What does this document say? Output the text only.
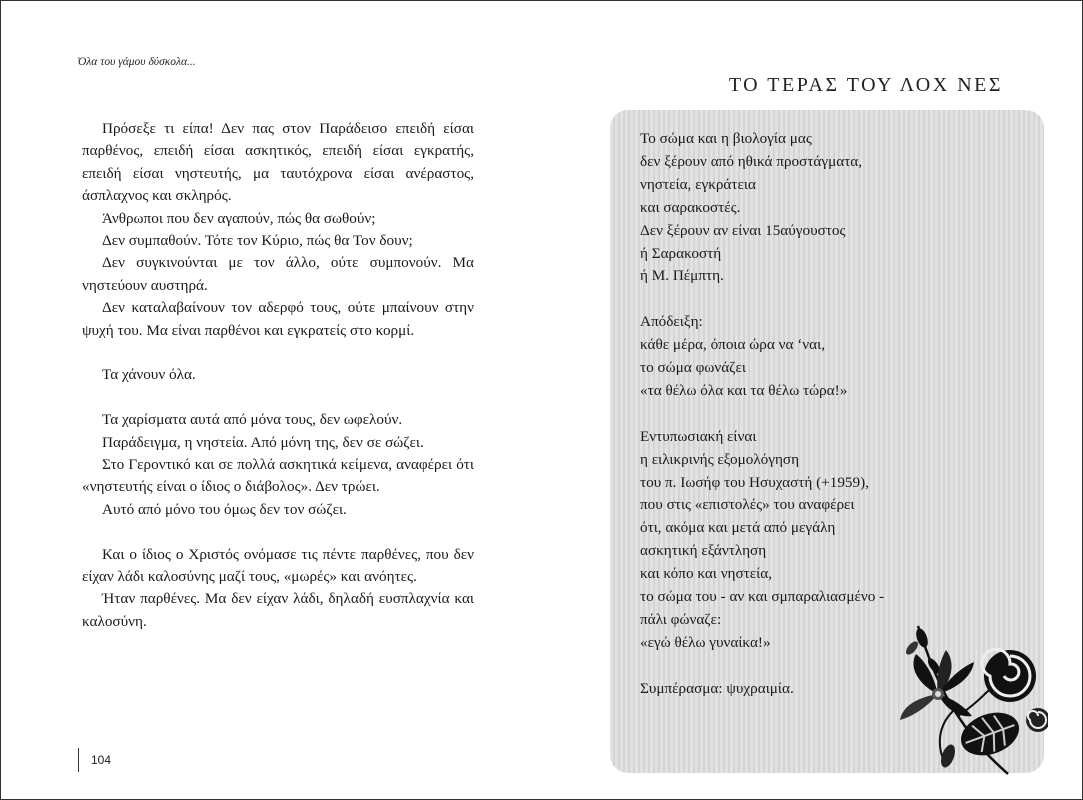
Όλα του γάμου δύσκολα...
ΤΟ ΤΕΡΑΣ ΤΟΥ ΛΟΧ ΝΕΣ

Πρόσεξε τι είπα! Δεν πας στον Παράδεισο επειδή είσαι παρθένος, επειδή είσαι ασκητικός, επειδή είσαι εγκρατής, επειδή είσαι νηστευτής, μα ταυτόχρονα είσαι ανέραστος, άσπλαχνος και σκληρός.

Άνθρωποι που δεν αγαπούν, πώς θα σωθούν;

Δεν συμπαθούν. Τότε τον Κύριο, πώς θα Τον δουν;

Δεν συγκινούνται με τον άλλο, ούτε συμπονούν. Μα νηστεύουν αυστηρά.

Δεν καταλαβαίνουν τον αδερφό τους, ούτε μπαίνουν στην ψυχή του. Μα είναι παρθένοι και εγκρατείς στο κορμί.

Τα χάνουν όλα.

Τα χαρίσματα αυτά από μόνα τους, δεν ωφελούν.

Παράδειγμα, η νηστεία. Από μόνη της, δεν σε σώζει.

Στο Γεροντικό και σε πολλά ασκητικά κείμενα, αναφέρει ότι «νηστευτής είναι ο ίδιος ο διάβολος». Δεν τρώει.

Αυτό από μόνο του όμως δεν τον σώζει.

Και ο ίδιος ο Χριστός ονόμασε τις πέντε παρθένες, που δεν είχαν λάδι καλοσύνης μαζί τους, «μωρές» και ανόητες.

Ήταν παρθένες. Μα δεν είχαν λάδι, δηλαδή ευσπλαχνία και καλοσύνη.

104
Το σώμα και η βιολογία μας
δεν ξέρουν από ηθικά προστάγματα,
νηστεία, εγκράτεια
και σαρακοστές.
Δεν ξέρουν αν είναι 15αύγουστος
ή Σαρακοστή
ή Μ. Πέμπτη.
Απόδειξη:
κάθε μέρα, όποια ώρα να ‘ναι,
το σώμα φωνάζει
«τα θέλω όλα και τα θέλω τώρα!»
Εντυπωσιακή είναι
η ειλικρινής εξομολόγηση
του π. Ιωσήφ του Ησυχαστή (+1959),
που στις «επιστολές» του αναφέρει
ότι, ακόμα και μετά από μεγάλη
ασκητική εξάντληση
και κόπο και νηστεία,
το σώμα του - αν και σμπαραλιασμένο -
πάλι φώναζε:
«εγώ θέλω γυναίκα!»
Συμπέρασμα: ψυχραιμία.
